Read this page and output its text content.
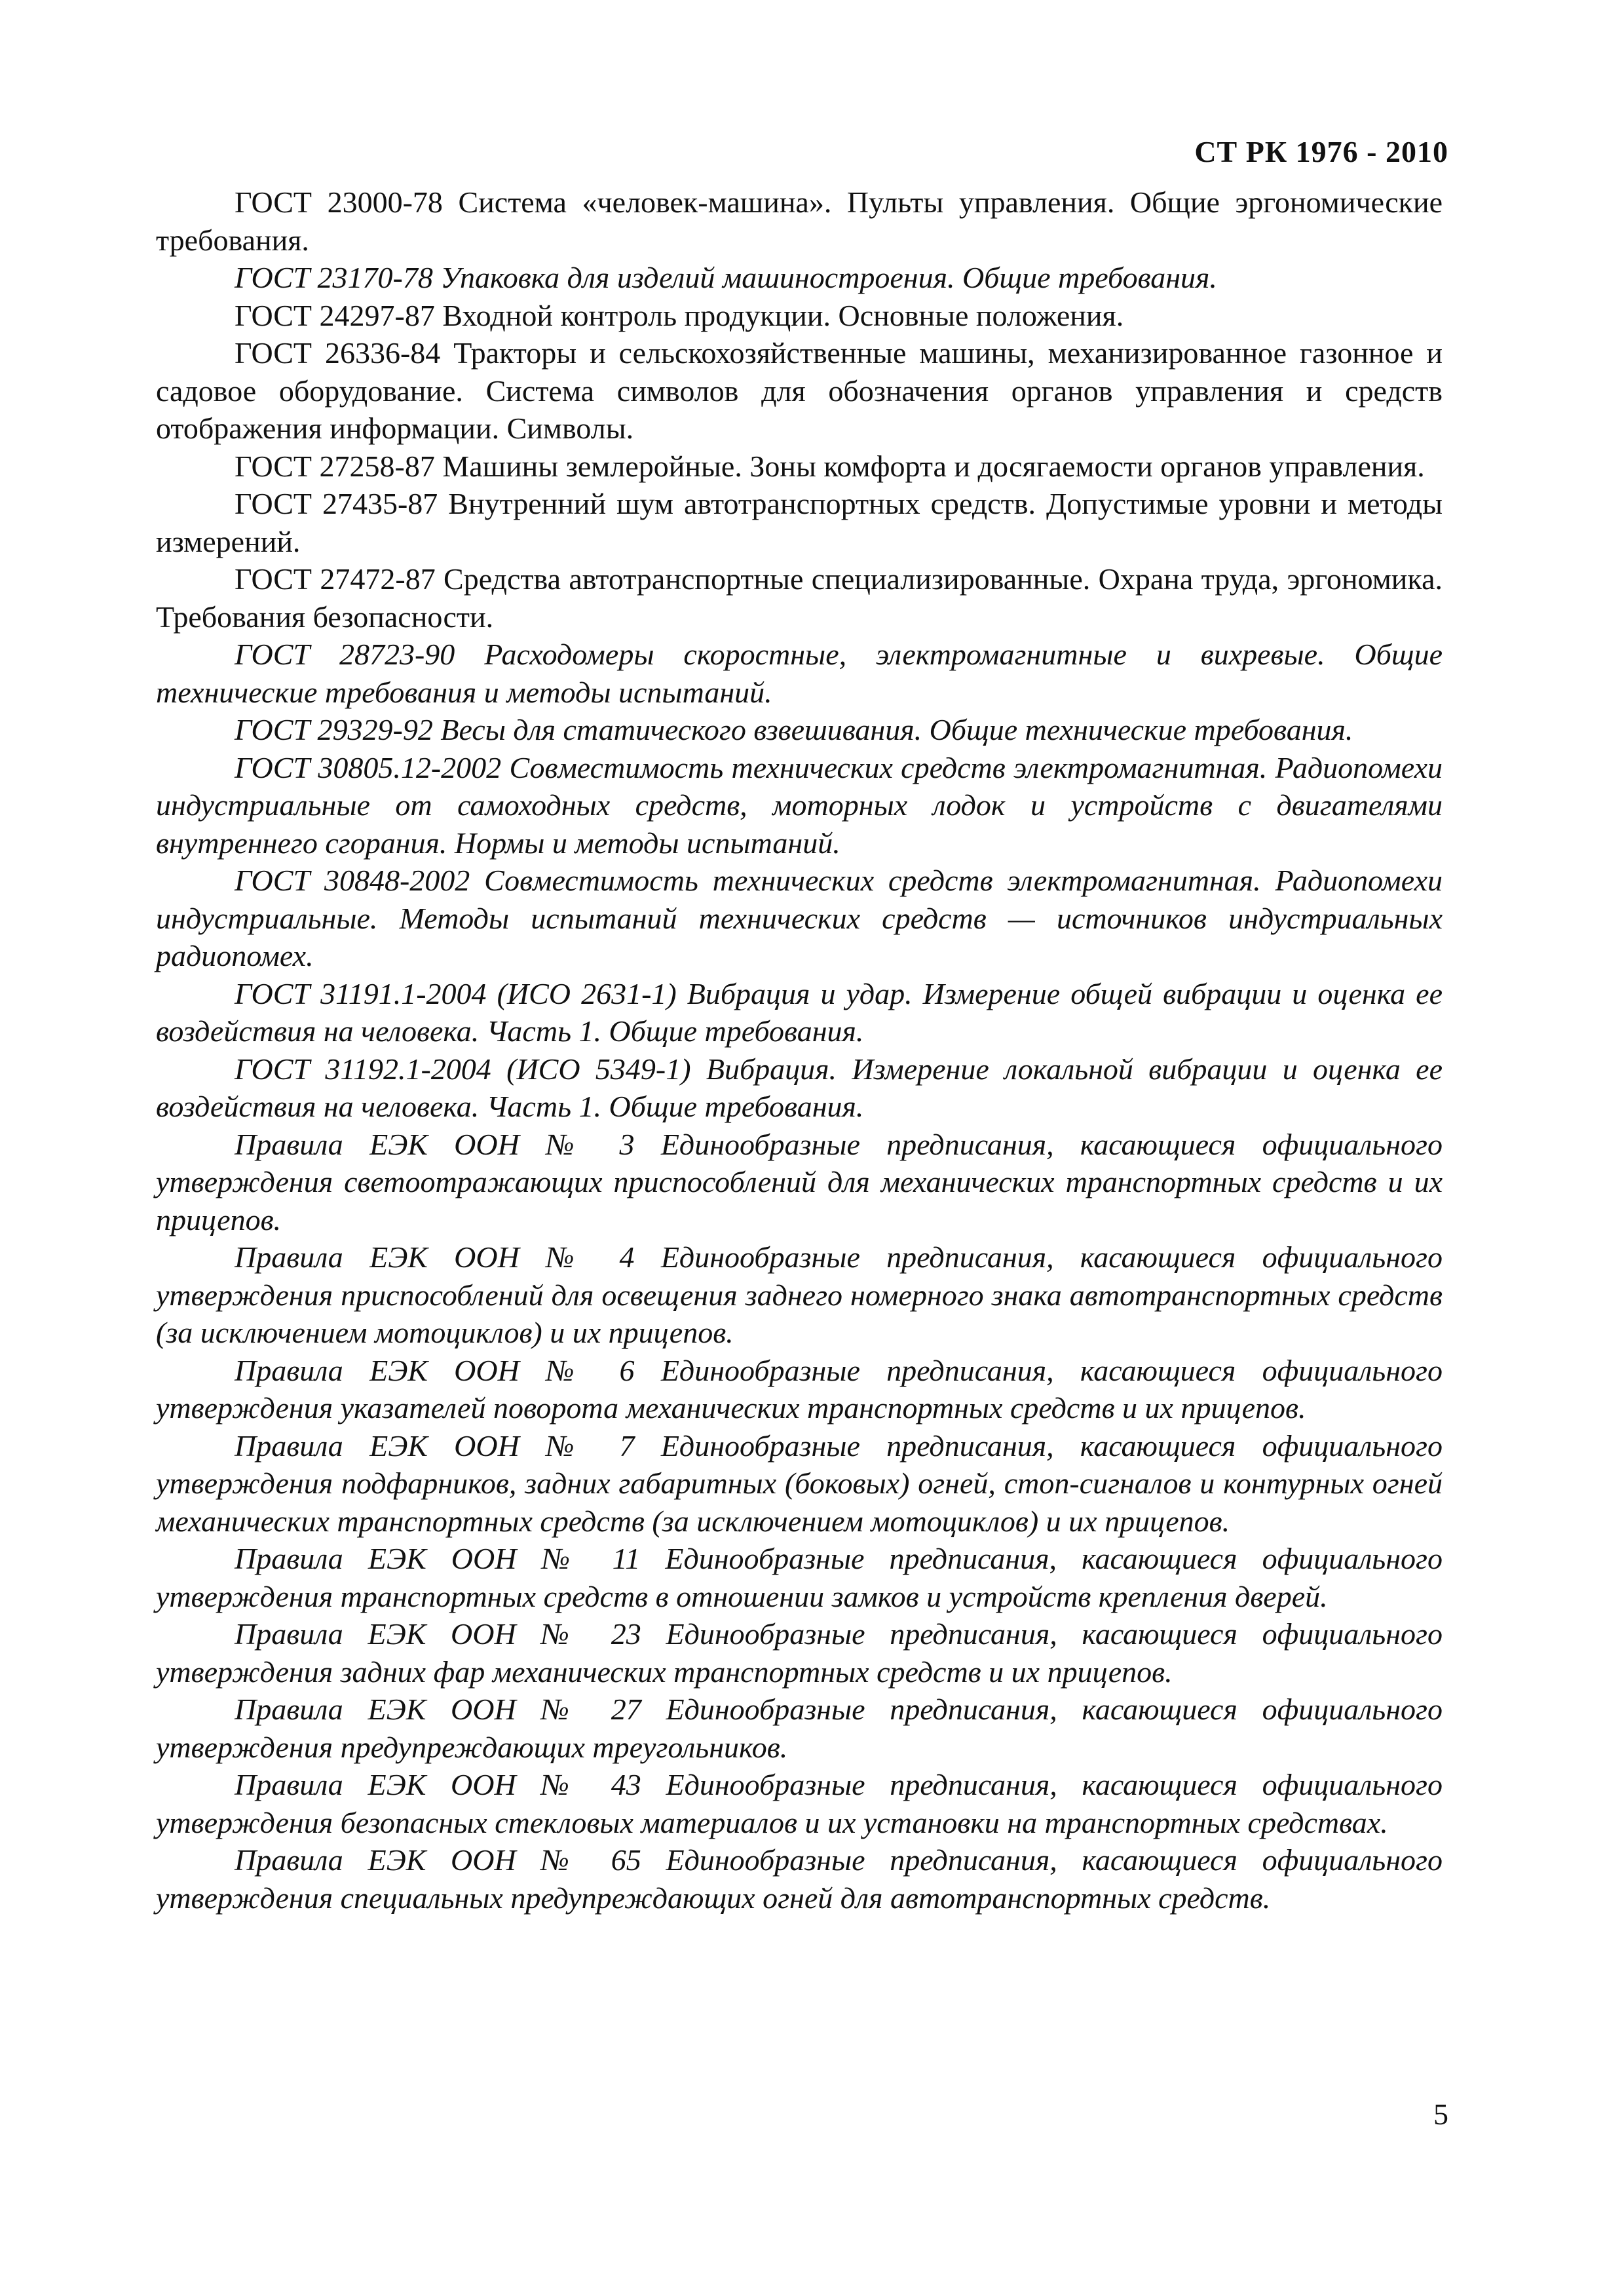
СТ РК 1976 - 2010

ГОСТ 23000-78 Система «человек-машина». Пульты управления. Общие эргономические требования.

ГОСТ 23170-78 Упаковка для изделий машиностроения. Общие требования.

ГОСТ 24297-87 Входной контроль продукции. Основные положения.

ГОСТ 26336-84 Тракторы и сельскохозяйственные машины, механизированное газонное и садовое оборудование. Система символов для обозначения органов управления и средств отображения информации. Символы.

ГОСТ 27258-87 Машины землеройные. Зоны комфорта и досягаемости органов управления.

ГОСТ 27435-87 Внутренний шум автотранспортных средств. Допустимые уровни и методы измерений.

ГОСТ 27472-87 Средства автотранспортные специализированные. Охрана труда, эргономика. Требования безопасности.

ГОСТ 28723-90 Расходомеры скоростные, электромагнитные и вихревые. Общие технические требования и методы испытаний.

ГОСТ 29329-92 Весы для статического взвешивания. Общие технические требования.

ГОСТ 30805.12-2002 Совместимость технических средств электромагнитная. Радиопомехи индустриальные от самоходных средств, моторных лодок и устройств с двигателями внутреннего сгорания. Нормы и методы испытаний.

ГОСТ 30848-2002 Совместимость технических средств электромагнитная. Радиопомехи индустриальные. Методы испытаний технических средств — источников индустриальных радиопомех.

ГОСТ 31191.1-2004 (ИСО 2631-1) Вибрация и удар. Измерение общей вибрации и оценка ее воздействия на человека. Часть 1. Общие требования.

ГОСТ 31192.1-2004 (ИСО 5349-1) Вибрация. Измерение локальной вибрации и оценка ее воздействия на человека. Часть 1. Общие требования.

Правила ЕЭК ООН № 3 Единообразные предписания, касающиеся официального утверждения светоотражающих приспособлений для механических транспортных средств и их прицепов.

Правила ЕЭК ООН № 4 Единообразные предписания, касающиеся официального утверждения приспособлений для освещения заднего номерного знака автотранспортных средств (за исключением мотоциклов) и их прицепов.

Правила ЕЭК ООН № 6 Единообразные предписания, касающиеся официального утверждения указателей поворота механических транспортных средств и их прицепов.

Правила ЕЭК ООН № 7 Единообразные предписания, касающиеся официального утверждения подфарников, задних габаритных (боковых) огней, стоп-сигналов и контурных огней механических транспортных средств (за исключением мотоциклов) и их прицепов.

Правила ЕЭК ООН № 11 Единообразные предписания, касающиеся официального утверждения транспортных средств в отношении замков и устройств крепления дверей.

Правила ЕЭК ООН № 23 Единообразные предписания, касающиеся официального утверждения задних фар механических транспортных средств и их прицепов.

Правила ЕЭК ООН № 27 Единообразные предписания, касающиеся официального утверждения предупреждающих треугольников.

Правила ЕЭК ООН № 43 Единообразные предписания, касающиеся официального утверждения безопасных стекловых материалов и их установки на транспортных средствах.

Правила ЕЭК ООН № 65 Единообразные предписания, касающиеся официального утверждения специальных предупреждающих огней для автотранспортных средств.

5
